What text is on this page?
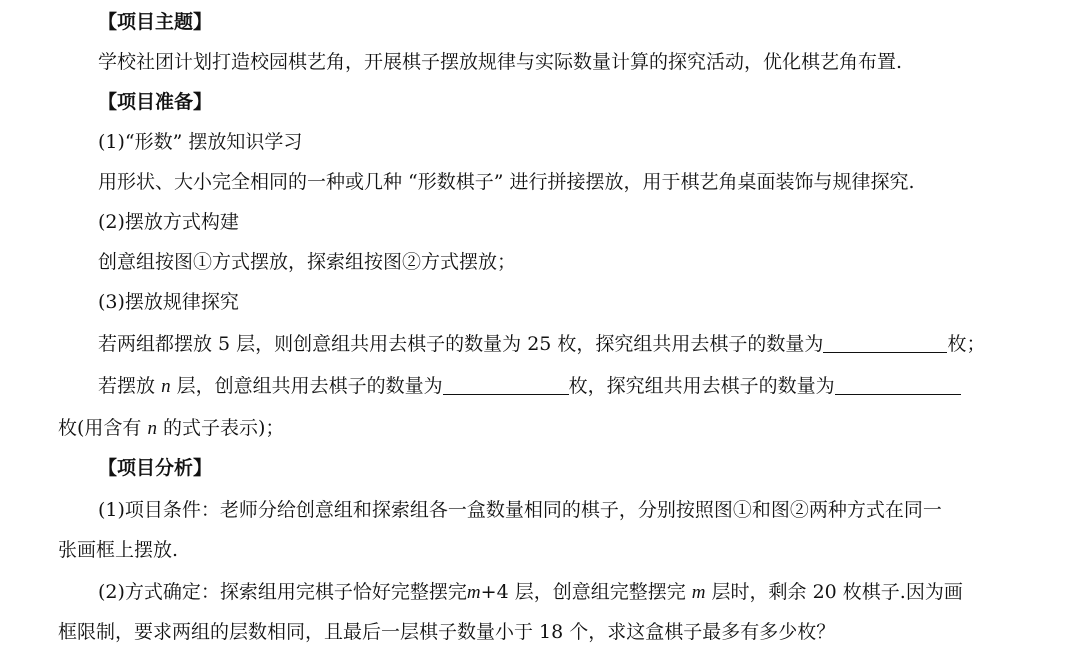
【项目主题】
学校社团计划打造校园棋艺角，开展棋子摆放规律与实际数量计算的探究活动，优化棋艺角布置.
【项目准备】
(1)“形数” 摆放知识学习
用形状、大小完全相同的一种或几种 “形数棋子” 进行拼接摆放，用于棋艺角桌面装饰与规律探究.
(2)摆放方式构建
创意组按图①方式摆放，探索组按图②方式摆放；
(3)摆放规律探究
若两组都摆放 5 层，则创意组共用去棋子的数量为 25 枚，探究组共用去棋子的数量为	枚；
若摆放 n 层，创意组共用去棋子的数量为	枚，探究组共用去棋子的数量为
枚(用含有 n 的式子表示)；
【项目分析】
(1)项目条件：老师分给创意组和探索组各一盒数量相同的棋子，分别按照图①和图②两种方式在同一
张画框上摆放.
(2)方式确定：探索组用完棋子恰好完整摆完m+4 层，创意组完整摆完 m 层时，剩余 20 枚棋子.因为画
框限制，要求两组的层数相同，且最后一层棋子数量小于 18 个，求这盒棋子最多有多少枚？
